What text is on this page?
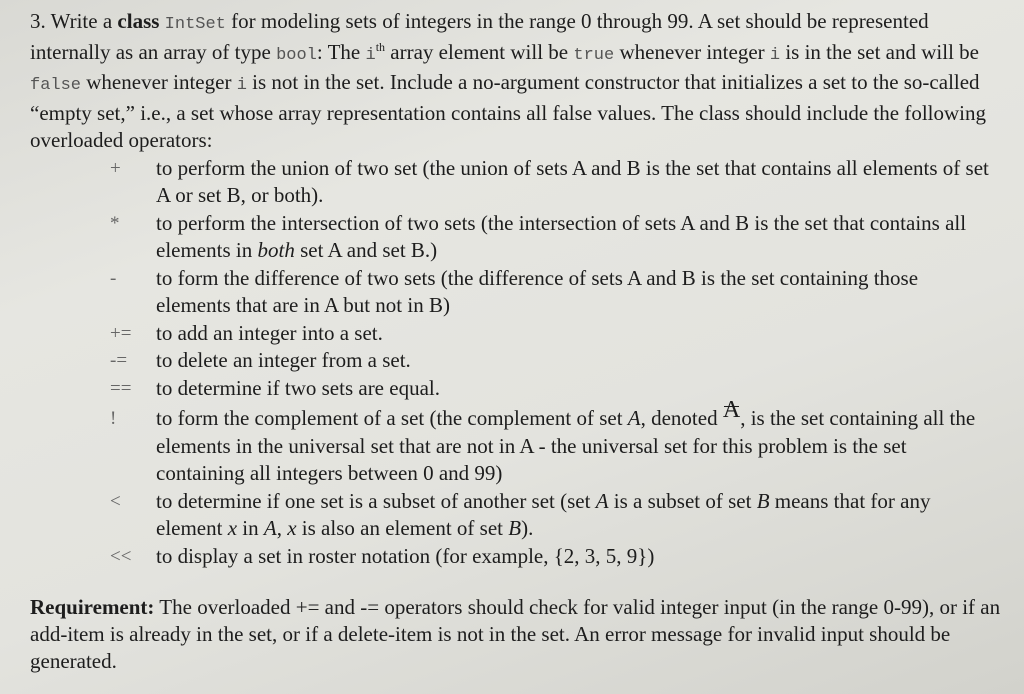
3. Write a class IntSet for modeling sets of integers in the range 0 through 99. A set should be represented internally as an array of type bool: The $i^{th}$ array element will be true whenever integer i is in the set and will be false whenever integer i is not in the set. Include a no-argument constructor that initializes a set to the so-called “empty set,” i.e., a set whose array representation contains all false values. The class should include the following overloaded operators:

+	to perform the union of two set (the union of sets A and B is the set that contains all elements of set A or set B, or both).
*	to perform the intersection of two sets (the intersection of sets A and B is the set that contains all elements in both set A and set B.)
-	to form the difference of two sets (the difference of sets A and B is the set containing those elements that are in A but not in B)
+=	to add an integer into a set.
-=	to delete an integer from a set.
==	to determine if two sets are equal.
!	to form the complement of a set (the complement of set A, denoted A, is the set containing all the elements in the universal set that are not in A - the universal set for this problem is the set containing all integers between 0 and 99)
<	to determine if one set is a subset of another set (set A is a subset of set B means that for any element x in A, x is also an element of set B).
<<	to display a set in roster notation (for example, {2, 3, 5, 9})
Requirement: The overloaded += and -= operators should check for valid integer input (in the range 0-99), or if an add-item is already in the set, or if a delete-item is not in the set. An error message for invalid input should be generated.
